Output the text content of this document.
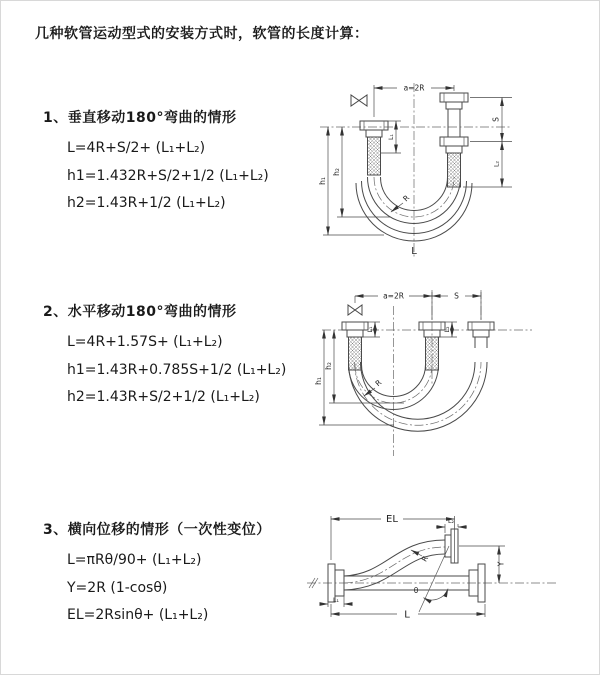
几种软管运动型式的安装方式时，软管的长度计算：
1、垂直移动180°弯曲的情形
L=4R+S/2+ (L₁+L₂)
h1=1.432R+S/2+1/2 (L₁+L₂)
h2=1.43R+1/2 (L₁+L₂)
2、水平移动180°弯曲的情形
L=4R+1.57S+ (L₁+L₂)
h1=1.43R+0.785S+1/2 (L₁+L₂)
h2=1.43R+S/2+1/2 (L₁+L₂)
3、横向位移的情形（一次性变位）
L=πRθ/90+ (L₁+L₂)
Y=2R (1-cosθ)
EL=2Rsinθ+ (L₁+L₂)
a=2R
h₂
h₁
S
L₂
L₁
R
L
a=2R	S
h₂
h₁
L₁	L₂
R
EL	L₂
Y
L
L₁
R
θ
